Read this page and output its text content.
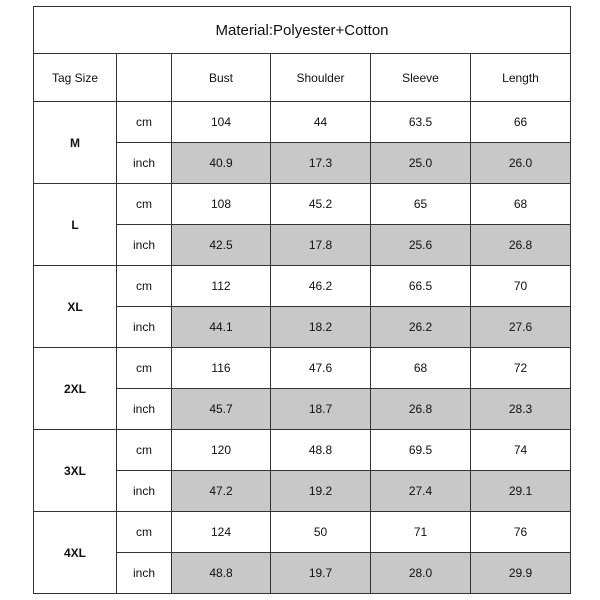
Material:Polyester+Cotton					
Tag Size		Bust	Shoulder	Sleeve	Length
M	cm	104	44	63.5	66
	inch	40.9	17.3	25.0	26.0
L	cm	108	45.2	65	68
	inch	42.5	17.8	25.6	26.8
XL	cm	112	46.2	66.5	70
	inch	44.1	18.2	26.2	27.6
2XL	cm	116	47.6	68	72
	inch	45.7	18.7	26.8	28.3
3XL	cm	120	48.8	69.5	74
	inch	47.2	19.2	27.4	29.1
4XL	cm	124	50	71	76
	inch	48.8	19.7	28.0	29.9
